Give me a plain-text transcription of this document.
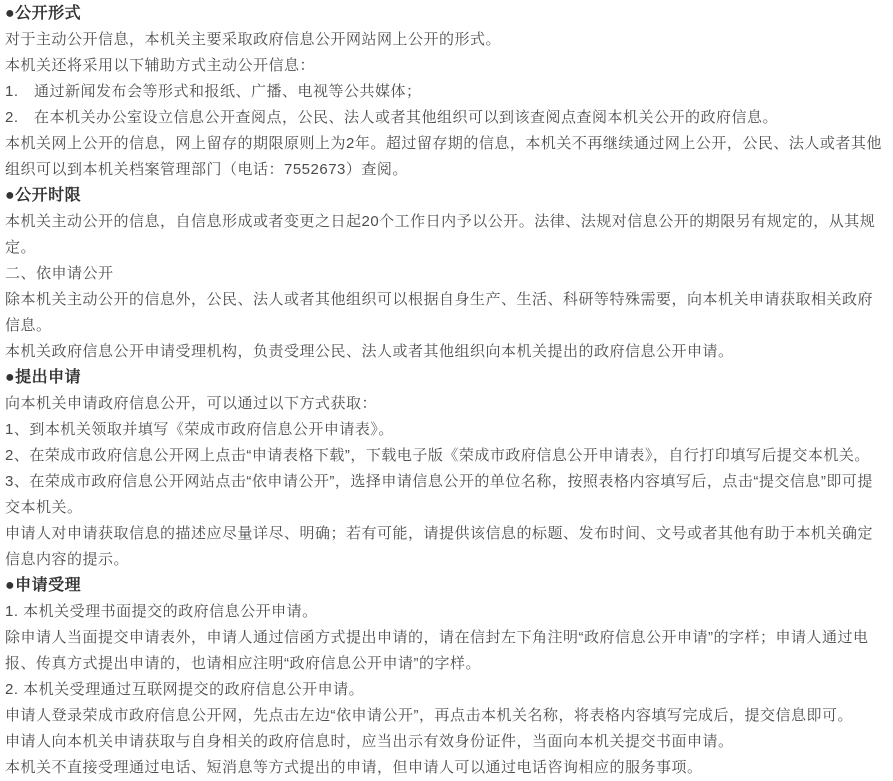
●公开形式

对于主动公开信息，本机关主要采取政府信息公开网站网上公开的形式。

本机关还将采用以下辅助方式主动公开信息：

1.　通过新闻发布会等形式和报纸、广播、电视等公共媒体；

2.　在本机关办公室设立信息公开查阅点，公民、法人或者其他组织可以到该查阅点查阅本机关公开的政府信息。

本机关网上公开的信息，网上留存的期限原则上为2年。超过留存期的信息，本机关不再继续通过网上公开，公民、法人或者其他组织可以到本机关档案管理部门（电话：7552673）查阅。

●公开时限

本机关主动公开的信息，自信息形成或者变更之日起20个工作日内予以公开。法律、法规对信息公开的期限另有规定的，从其规定。

二、依申请公开

除本机关主动公开的信息外，公民、法人或者其他组织可以根据自身生产、生活、科研等特殊需要，向本机关申请获取相关政府信息。

本机关政府信息公开申请受理机构，负责受理公民、法人或者其他组织向本机关提出的政府信息公开申请。

●提出申请

向本机关申请政府信息公开，可以通过以下方式获取：

1、到本机关领取并填写《荣成市政府信息公开申请表》。

2、在荣成市政府信息公开网上点击“申请表格下载”，下载电子版《荣成市政府信息公开申请表》，自行打印填写后提交本机关。

3、在荣成市政府信息公开网站点击“依申请公开”，选择申请信息公开的单位名称，按照表格内容填写后，点击“提交信息”即可提交本机关。

申请人对申请获取信息的描述应尽量详尽、明确；若有可能，请提供该信息的标题、发布时间、文号或者其他有助于本机关确定信息内容的提示。

●申请受理

1. 本机关受理书面提交的政府信息公开申请。

除申请人当面提交申请表外，申请人通过信函方式提出申请的，请在信封左下角注明“政府信息公开申请”的字样；申请人通过电报、传真方式提出申请的，也请相应注明“政府信息公开申请”的字样。

2. 本机关受理通过互联网提交的政府信息公开申请。

申请人登录荣成市政府信息公开网，先点击左边“依申请公开”，再点击本机关名称，将表格内容填写完成后，提交信息即可。

申请人向本机关申请获取与自身相关的政府信息时，应当出示有效身份证件，当面向本机关提交书面申请。

本机关不直接受理通过电话、短消息等方式提出的申请，但申请人可以通过电话咨询相应的服务事项。
